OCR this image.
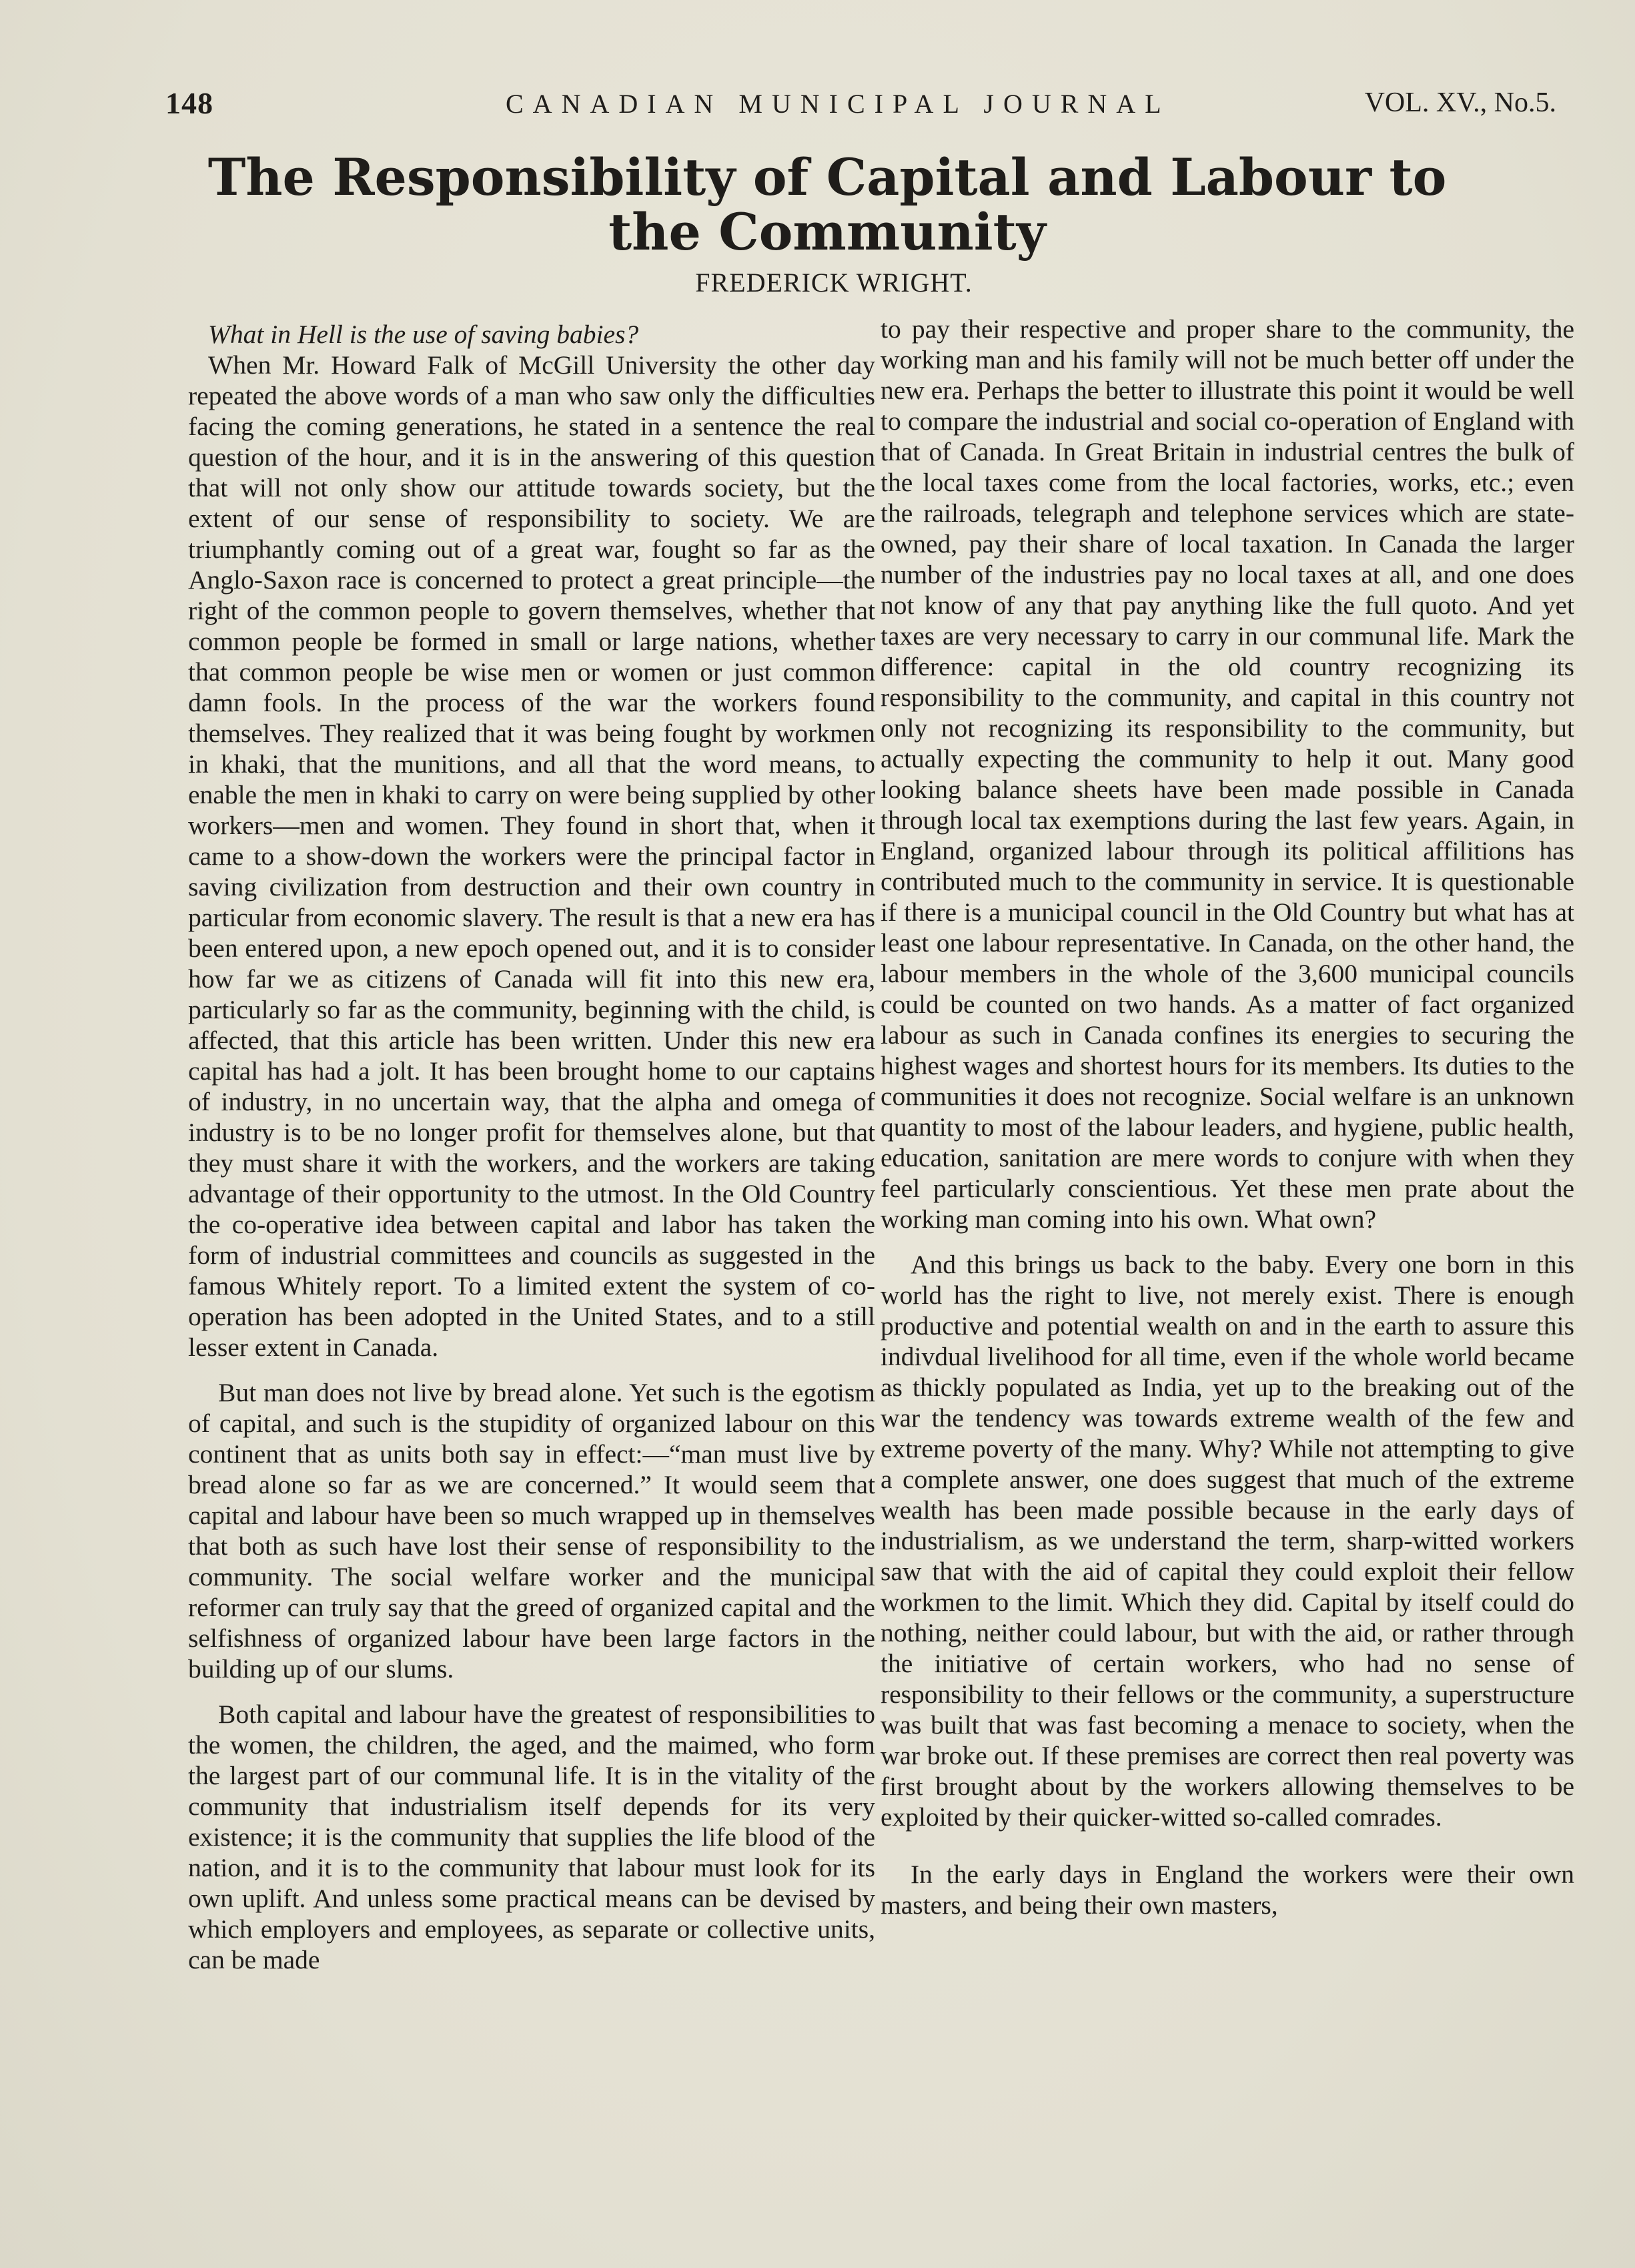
148	CANADIAN MUNICIPAL JOURNAL	VOL. XV., No.5.
The Responsibility of Capital and Labour to the Community
FREDERICK WRIGHT.

What in Hell is the use of saving babies?

When Mr. Howard Falk of McGill University the other day repeated the above words of a man who saw only the difficulties facing the coming generations, he stated in a sentence the real question of the hour, and it is in the answering of this question that will not only show our attitude towards society, but the extent of our sense of responsibility to society. We are triumphantly coming out of a great war, fought so far as the Anglo-Saxon race is concerned to protect a great principle—the right of the common people to govern themselves, whether that common people be formed in small or large nations, whether that common people be wise men or women or just common damn fools. In the process of the war the workers found themselves. They realized that it was being fought by workmen in khaki, that the munitions, and all that the word means, to enable the men in khaki to carry on were being supplied by other workers—men and women. They found in short that, when it came to a show-down the workers were the principal factor in saving civilization from destruction and their own country in particular from economic slavery. The result is that a new era has been entered upon, a new epoch opened out, and it is to consider how far we as citizens of Canada will fit into this new era, particularly so far as the community, beginning with the child, is affected, that this article has been written. Under this new era capital has had a jolt. It has been brought home to our captains of industry, in no uncertain way, that the alpha and omega of industry is to be no longer profit for themselves alone, but that they must share it with the workers, and the workers are taking advantage of their opportunity to the utmost. In the Old Country the co-operative idea between capital and labor has taken the form of industrial committees and councils as suggested in the famous Whitely report. To a limited extent the system of co-operation has been adopted in the United States, and to a still lesser extent in Canada.

But man does not live by bread alone. Yet such is the egotism of capital, and such is the stupidity of organized labour on this continent that as units both say in effect:—“man must live by bread alone so far as we are concerned.” It would seem that capital and labour have been so much wrapped up in themselves that both as such have lost their sense of responsibility to the community. The social welfare worker and the municipal reformer can truly say that the greed of organized capital and the selfishness of organized labour have been large factors in the building up of our slums.

Both capital and labour have the greatest of responsibilities to the women, the children, the aged, and the maimed, who form the largest part of our communal life. It is in the vitality of the community that industrialism itself depends for its very existence; it is the community that supplies the life blood of the nation, and it is to the community that labour must look for its own uplift. And unless some practical means can be devised by which employers and employees, as separate or collective units, can be made

to pay their respective and proper share to the community, the working man and his family will not be much better off under the new era. Perhaps the better to illustrate this point it would be well to compare the industrial and social co-operation of England with that of Canada. In Great Britain in industrial centres the bulk of the local taxes come from the local factories, works, etc.; even the railroads, telegraph and telephone services which are state-owned, pay their share of local taxation. In Canada the larger number of the industries pay no local taxes at all, and one does not know of any that pay anything like the full quoto. And yet taxes are very necessary to carry in our communal life. Mark the difference: capital in the old country recognizing its responsibility to the community, and capital in this country not only not recognizing its responsibility to the community, but actually expecting the community to help it out. Many good looking balance sheets have been made possible in Canada through local tax exemptions during the last few years. Again, in England, organized labour through its political affilitions has contributed much to the community in service. It is questionable if there is a municipal council in the Old Country but what has at least one labour representative. In Canada, on the other hand, the labour members in the whole of the 3,600 municipal councils could be counted on two hands. As a matter of fact organized labour as such in Canada confines its energies to securing the highest wages and shortest hours for its members. Its duties to the communities it does not recognize. Social welfare is an unknown quantity to most of the labour leaders, and hygiene, public health, education, sanitation are mere words to conjure with when they feel particularly conscientious. Yet these men prate about the working man coming into his own. What own?

And this brings us back to the baby. Every one born in this world has the right to live, not merely exist. There is enough productive and potential wealth on and in the earth to assure this indivdual livelihood for all time, even if the whole world became as thickly populated as India, yet up to the breaking out of the war the tendency was towards extreme wealth of the few and extreme poverty of the many. Why? While not attempting to give a complete answer, one does suggest that much of the extreme wealth has been made possible because in the early days of industrialism, as we understand the term, sharp-witted workers saw that with the aid of capital they could exploit their fellow workmen to the limit. Which they did. Capital by itself could do nothing, neither could labour, but with the aid, or rather through the initiative of certain workers, who had no sense of responsibility to their fellows or the community, a superstructure was built that was fast becoming a menace to society, when the war broke out. If these premises are correct then real poverty was first brought about by the workers allowing themselves to be exploited by their quicker-witted so-called comrades.

In the early days in England the workers were their own masters, and being their own masters,
